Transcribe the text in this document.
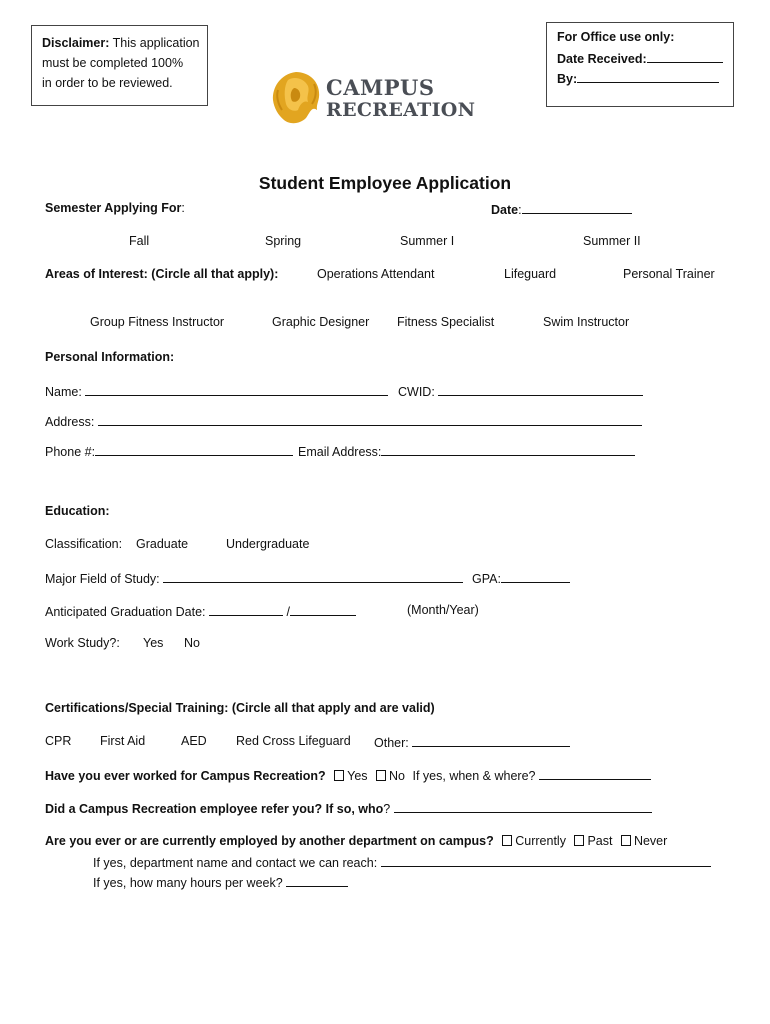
Disclaimer: This application
must be completed 100%
in order to be reviewed.
For Office use only:
Date Received:
By:
CAMPUS
RECREATION
Student Employee Application
Semester Applying For:	Date:
Fall	Spring	Summer I	Summer II
Areas of Interest: (Circle all that apply):	Operations Attendant	Lifeguard	Personal Trainer
Group Fitness Instructor	Graphic Designer Fitness Specialist	Swim Instructor
Personal Information:
Name:	CWID:
Address:
Phone #:	Email Address:
Education:
Classification: Graduate	Undergraduate
Major Field of Study:	GPA:
Anticipated Graduation Date:	/	(Month/Year)
Work Study?: Yes No
Certifications/Special Training: (Circle all that apply and are valid)
CPR First Aid	AED Red Cross Lifeguard Other:
Have you ever worked for Campus Recreation? Yes No If yes, when & where?
Did a Campus Recreation employee refer you? If so, who?
Are you ever or are currently employed by another department on campus? Currently Past Never
If yes, department name and contact we can reach:
If yes, how many hours per week?
